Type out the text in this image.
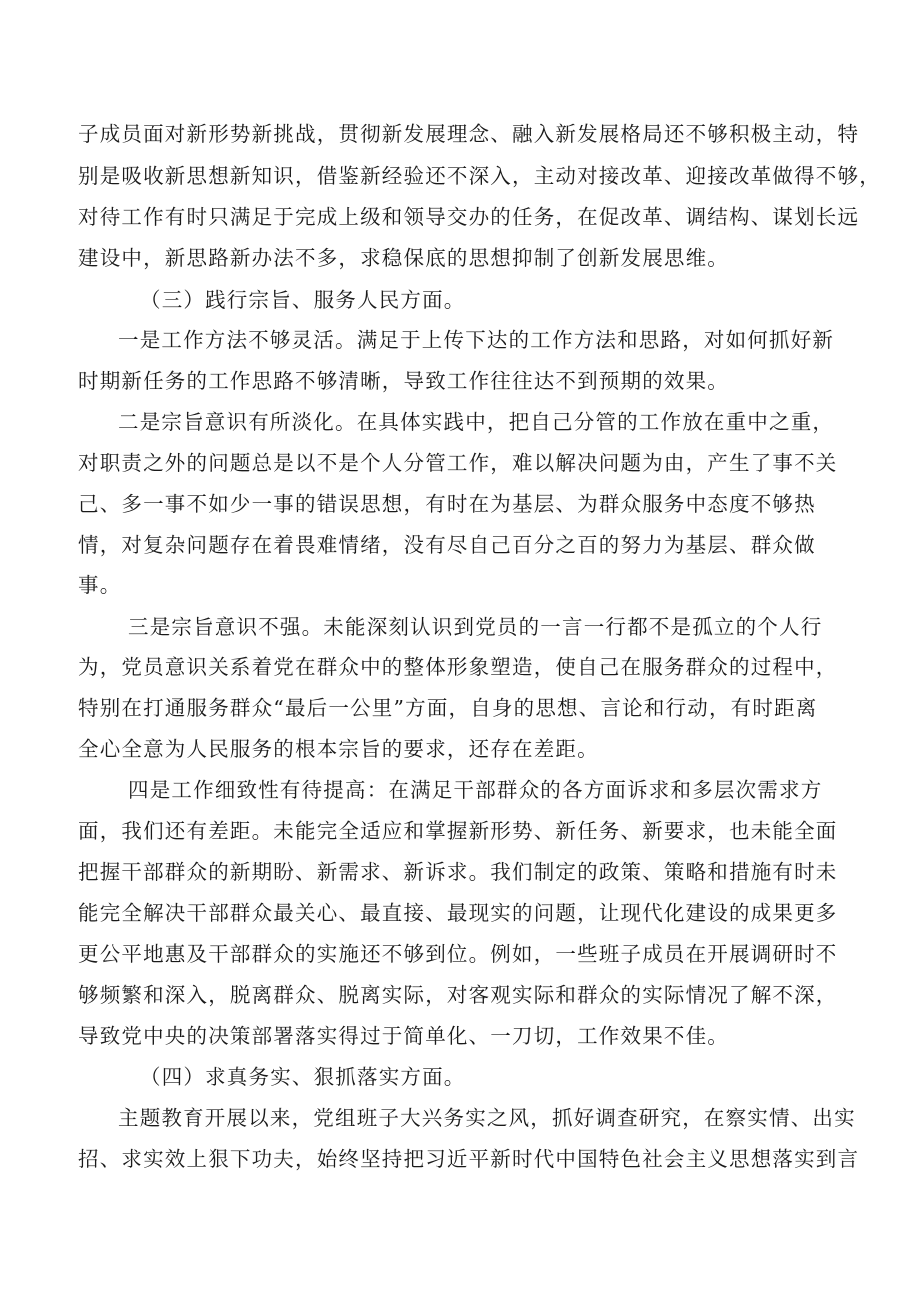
子成员面对新形势新挑战，贯彻新发展理念、融入新发展格局还不够积极主动，特
别是吸收新思想新知识，借鉴新经验还不深入，主动对接改革、迎接改革做得不够，
对待工作有时只满足于完成上级和领导交办的任务，在促改革、调结构、谋划长远
建设中，新思路新办法不多，求稳保底的思想抑制了创新发展思维。
（三）践行宗旨、服务人民方面。
一是工作方法不够灵活。满足于上传下达的工作方法和思路，对如何抓好新
时期新任务的工作思路不够清晰，导致工作往往达不到预期的效果。
二是宗旨意识有所淡化。在具体实践中，把自己分管的工作放在重中之重，
对职责之外的问题总是以不是个人分管工作，难以解决问题为由，产生了事不关
己、多一事不如少一事的错误思想，有时在为基层、为群众服务中态度不够热
情，对复杂问题存在着畏难情绪，没有尽自己百分之百的努力为基层、群众做
事。
三是宗旨意识不强。未能深刻认识到党员的一言一行都不是孤立的个人行
为，党员意识关系着党在群众中的整体形象塑造，使自己在服务群众的过程中，
特别在打通服务群众“最后一公里”方面，自身的思想、言论和行动，有时距离
全心全意为人民服务的根本宗旨的要求，还存在差距。
四是工作细致性有待提高：在满足干部群众的各方面诉求和多层次需求方
面，我们还有差距。未能完全适应和掌握新形势、新任务、新要求，也未能全面
把握干部群众的新期盼、新需求、新诉求。我们制定的政策、策略和措施有时未
能完全解决干部群众最关心、最直接、最现实的问题，让现代化建设的成果更多
更公平地惠及干部群众的实施还不够到位。例如，一些班子成员在开展调研时不
够频繁和深入，脱离群众、脱离实际，对客观实际和群众的实际情况了解不深，
导致党中央的决策部署落实得过于简单化、一刀切，工作效果不佳。
（四）求真务实、狠抓落实方面。
主题教育开展以来，党组班子大兴务实之风，抓好调查研究，在察实情、出实
招、求实效上狠下功夫，始终坚持把习近平新时代中国特色社会主义思想落实到言
